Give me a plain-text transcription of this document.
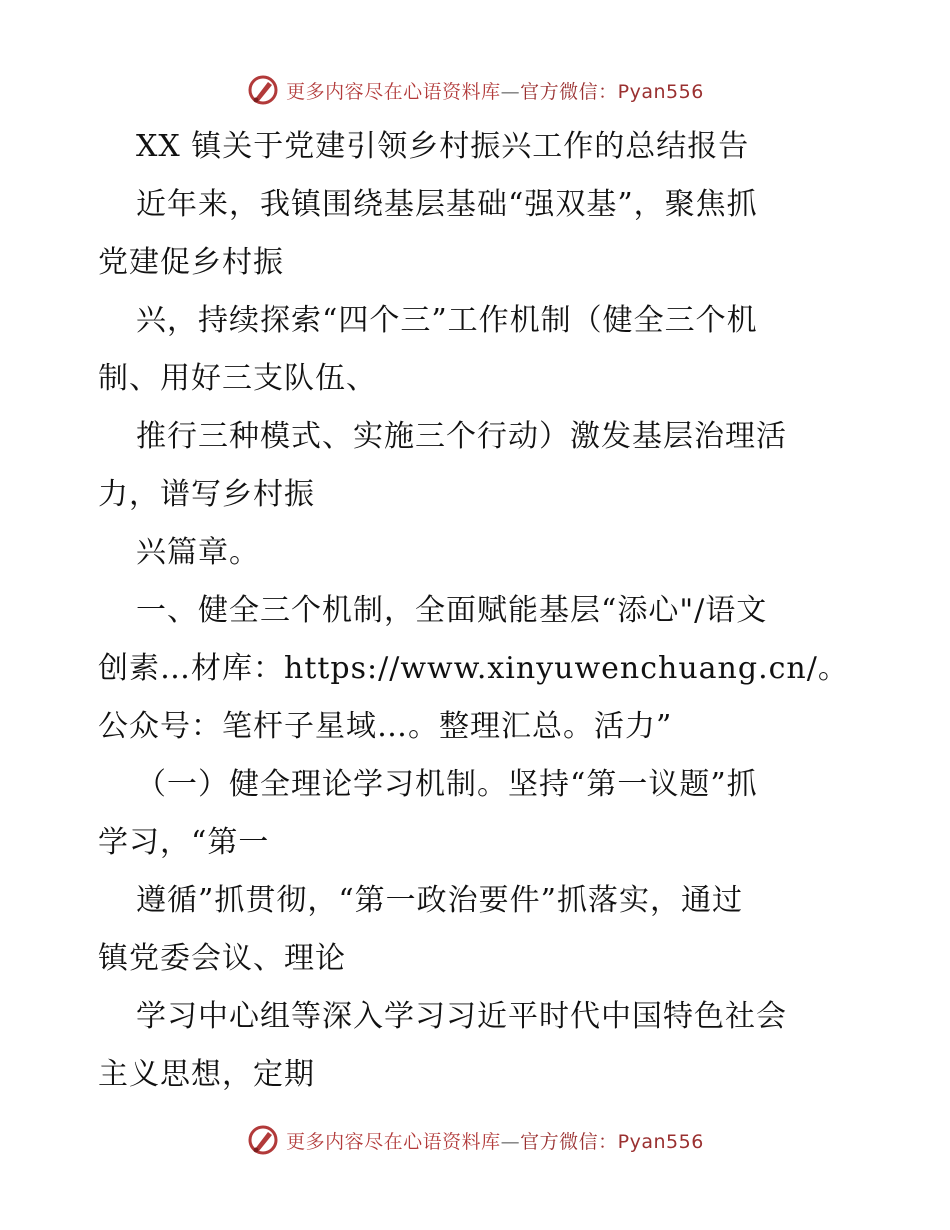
更多内容尽在心语资料库—官方微信：Pyan556
XX 镇关于党建引领乡村振兴工作的总结报告
近年来，我镇围绕基层基础“强双基”，聚焦抓
党建促乡村振
兴，持续探索“四个三”工作机制（健全三个机
制、用好三支队伍、
推行三种模式、实施三个行动）激发基层治理活
力，谱写乡村振
兴篇章。
一、健全三个机制，全面赋能基层“添心"/语文
创素…材库：https://www.xinyuwenchuang.cn/。
公众号：笔杆子星域…。整理汇总。活力”
（一）健全理论学习机制。坚持“第一议题”抓
学习，“第一
遵循”抓贯彻，“第一政治要件”抓落实，通过
镇党委会议、理论
学习中心组等深入学习习近平时代中国特色社会
主义思想，定期
更多内容尽在心语资料库—官方微信：Pyan556
